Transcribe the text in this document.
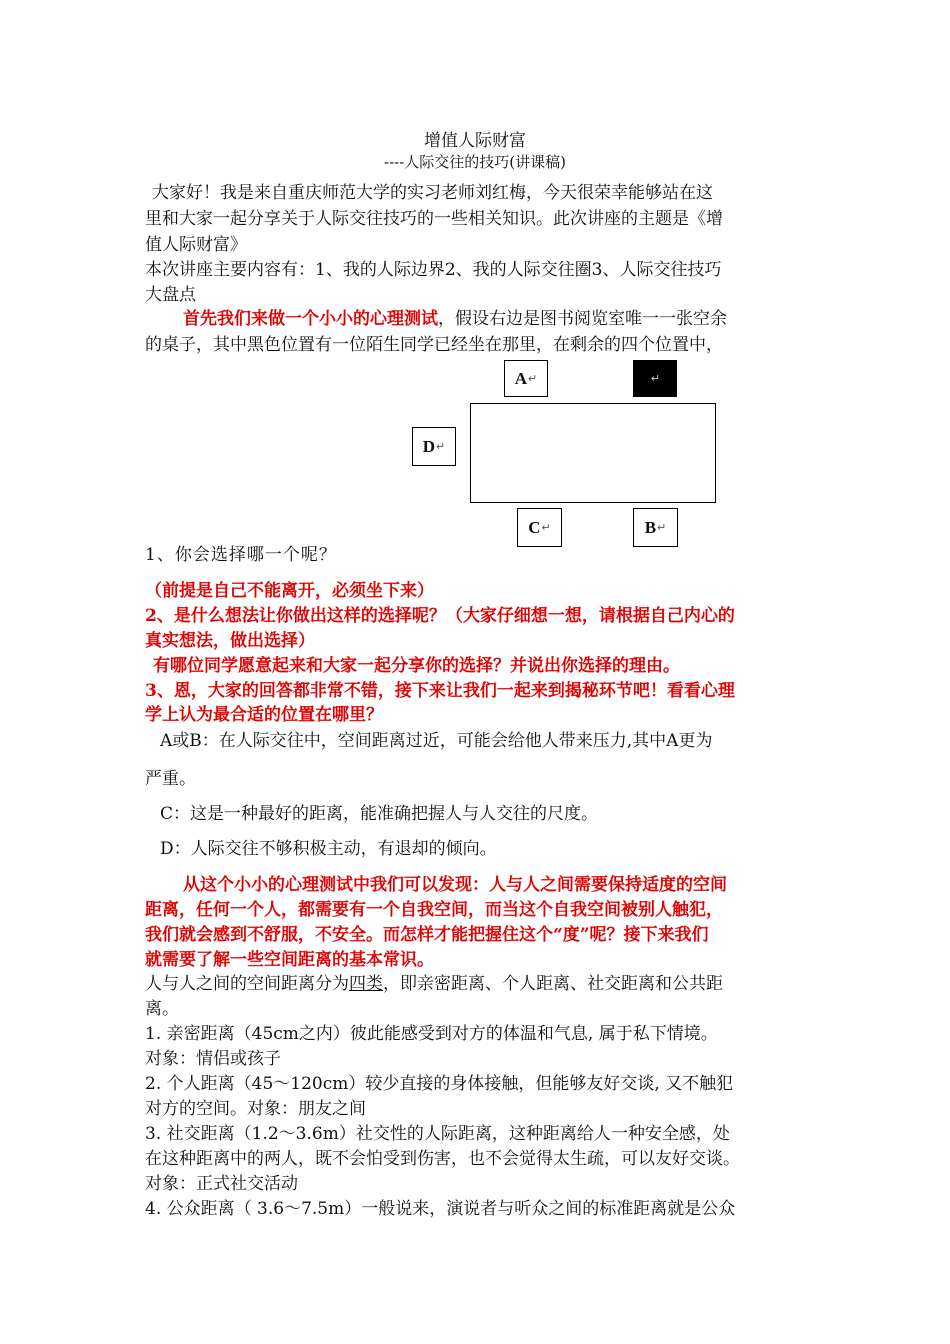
增值人际财富
----人际交往的技巧(讲课稿)
大家好！我是来自重庆师范大学的实习老师刘红梅，今天很荣幸能够站在这
里和大家一起分享关于人际交往技巧的一些相关知识。此次讲座的主题是《增
值人际财富》
本次讲座主要内容有：1、我的人际边界2、我的人际交往圈3、人际交往技巧
大盘点
首先我们来做一个小小的心理测试，假设右边是图书阅览室唯一一张空余
的桌子，其中黑色位置有一位陌生同学已经坐在那里，在剩余的四个位置中，
A ↵	↵
D ↵
C ↵	B ↵
1、你会选择哪一个呢？
（前提是自己不能离开，必须坐下来）
2、是什么想法让你做出这样的选择呢？（大家仔细想一想，请根据自己内心的
真实想法，做出选择）
有哪位同学愿意起来和大家一起分享你的选择？并说出你选择的理由。
3、恩，大家的回答都非常不错，接下来让我们一起来到揭秘环节吧！看看心理
学上认为最合适的位置在哪里？
A或B：在人际交往中，空间距离过近，可能会给他人带来压力,其中A更为
严重。
C：这是一种最好的距离，能准确把握人与人交往的尺度。
D：人际交往不够积极主动，有退却的倾向。
从这个小小的心理测试中我们可以发现：人与人之间需要保持适度的空间
距离，任何一个人，都需要有一个自我空间，而当这个自我空间被别人触犯，
我们就会感到不舒服，不安全。而怎样才能把握住这个“度”呢？接下来我们
就需要了解一些空间距离的基本常识。
人与人之间的空间距离分为四类，即亲密距离、个人距离、社交距离和公共距
离。
1. 亲密距离（45cm之内）彼此能感受到对方的体温和气息, 属于私下情境。
对象：情侣或孩子
2. 个人距离（45～120cm）较少直接的身体接触，但能够友好交谈, 又不触犯
对方的空间。对象：朋友之间
3. 社交距离（1.2～3.6m）社交性的人际距离，这种距离给人一种安全感，处
在这种距离中的两人，既不会怕受到伤害，也不会觉得太生疏，可以友好交谈。
对象：正式社交活动
4. 公众距离（ 3.6～7.5m）一般说来，演说者与听众之间的标准距离就是公众
